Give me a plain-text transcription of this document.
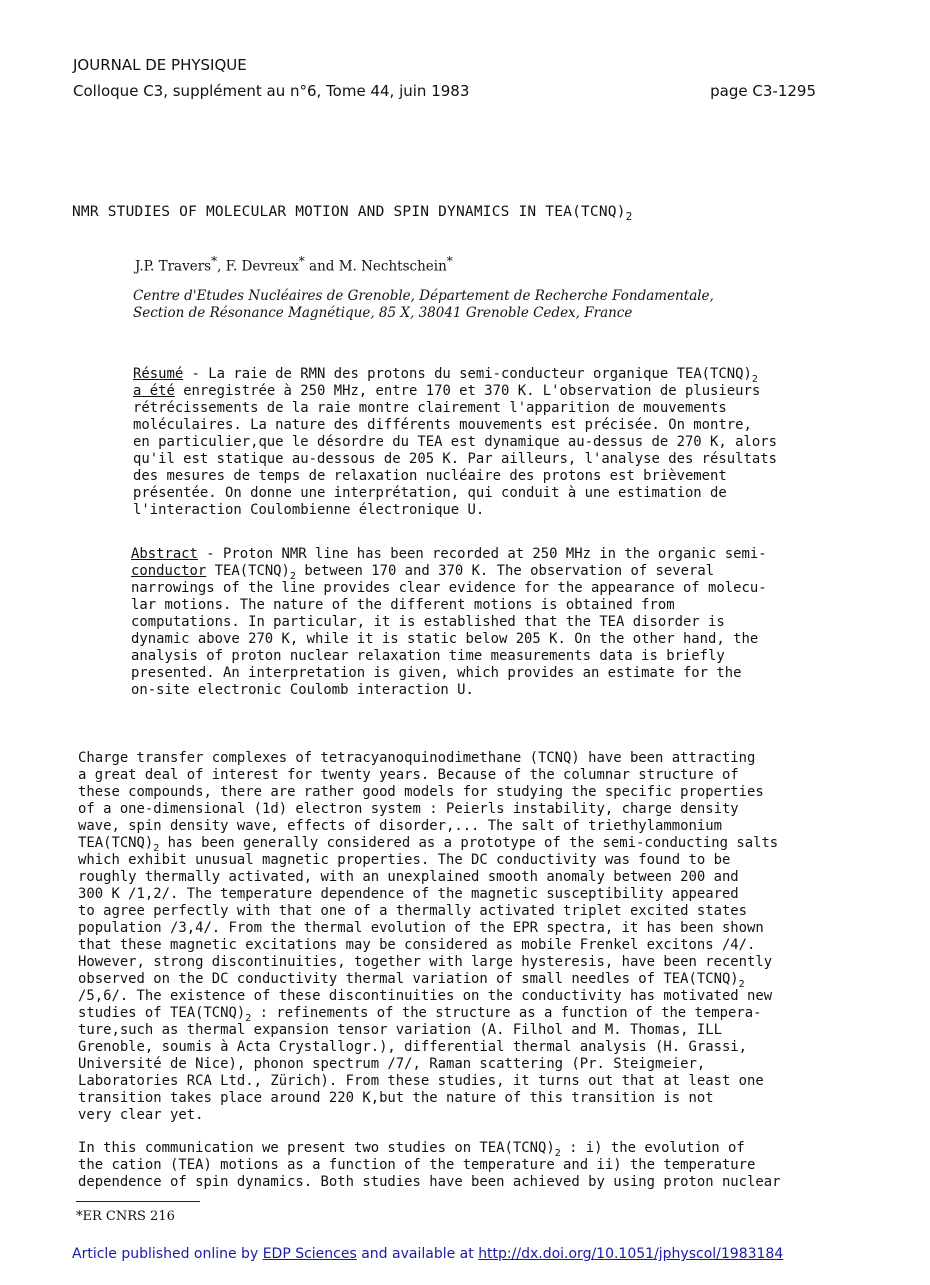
JOURNAL DE PHYSIQUE
Colloque C3, supplément au n°6, Tome 44, juin 1983	page C3-1295
NMR STUDIES OF MOLECULAR MOTION AND SPIN DYNAMICS IN $TEA(TCNQ)_2$
J.P. Travers*, F. Devreux* and M. Nechtschein*
Centre d'Etudes Nucléaires de Grenoble, Département de Recherche Fondamentale,
Section de Résonance Magnétique, 85 X, 38041 Grenoble Cedex, France
Résumé - La raie de RMN des protons du semi-conducteur organique $TEA(TCNQ)_2$
a été enregistrée à 250 MHz, entre 170 et 370 K. L'observation de plusieurs
rétrécissements de la raie montre clairement l'apparition de mouvements
moléculaires. La nature des différents mouvements est précisée. On montre,
en particulier,que le désordre du TEA est dynamique au-dessus de 270 K, alors
qu'il est statique au-dessous de 205 K. Par ailleurs, l'analyse des résultats
des mesures de temps de relaxation nucléaire des protons est brièvement
présentée. On donne une interprétation, qui conduit à une estimation de
l'interaction Coulombienne électronique U.
Abstract - Proton NMR line has been recorded at 250 MHz in the organic semi-
conductor $TEA(TCNQ)_2$ between 170 and 370 K. The observation of several
narrowings of the line provides clear evidence for the appearance of molecu-
lar motions. The nature of the different motions is obtained from
computations. In particular, it is established that the TEA disorder is
dynamic above 270 K, while it is static below 205 K. On the other hand, the
analysis of proton nuclear relaxation time measurements data is briefly
presented. An interpretation is given, which provides an estimate for the
on-site electronic Coulomb interaction U.
Charge transfer complexes of tetracyanoquinodimethane (TCNQ) have been attracting
a great deal of interest for twenty years. Because of the columnar structure of
these compounds, there are rather good models for studying the specific properties
of a one-dimensional (1d) electron system : Peierls instability, charge density
wave, spin density wave, effects of disorder,... The salt of triethylammonium
$TEA(TCNQ)_2$ has been generally considered as a prototype of the semi-conducting salts
which exhibit unusual magnetic properties. The DC conductivity was found to be
roughly thermally activated, with an unexplained smooth anomaly between 200 and
300 K /1,2/. The temperature dependence of the magnetic susceptibility appeared
to agree perfectly with that one of a thermally activated triplet excited states
population /3,4/. From the thermal evolution of the EPR spectra, it has been shown
that these magnetic excitations may be considered as mobile Frenkel excitons /4/.
However, strong discontinuities, together with large hysteresis, have been recently
observed on the DC conductivity thermal variation of small needles of $TEA(TCNQ)_2$
/5,6/. The existence of these discontinuities on the conductivity has motivated new
studies of $TEA(TCNQ)_2$ : refinements of the structure as a function of the tempera-
ture,such as thermal expansion tensor variation (A. Filhol and M. Thomas, ILL
Grenoble, soumis à Acta Crystallogr.), differential thermal analysis (H. Grassi,
Université de Nice), phonon spectrum /7/, Raman scattering (Pr. Steigmeier,
Laboratories RCA Ltd., Zürich). From these studies, it turns out that at least one
transition takes place around 220 K,but the nature of this transition is not
very clear yet.
In this communication we present two studies on $TEA(TCNQ)_2$ : i) the evolution of
the cation (TEA) motions as a function of the temperature and ii) the temperature
dependence of spin dynamics. Both studies have been achieved by using proton nuclear
*ER CNRS 216
Article published online by EDP Sciences and available at http://dx.doi.org/10.1051/jphyscol/1983184
